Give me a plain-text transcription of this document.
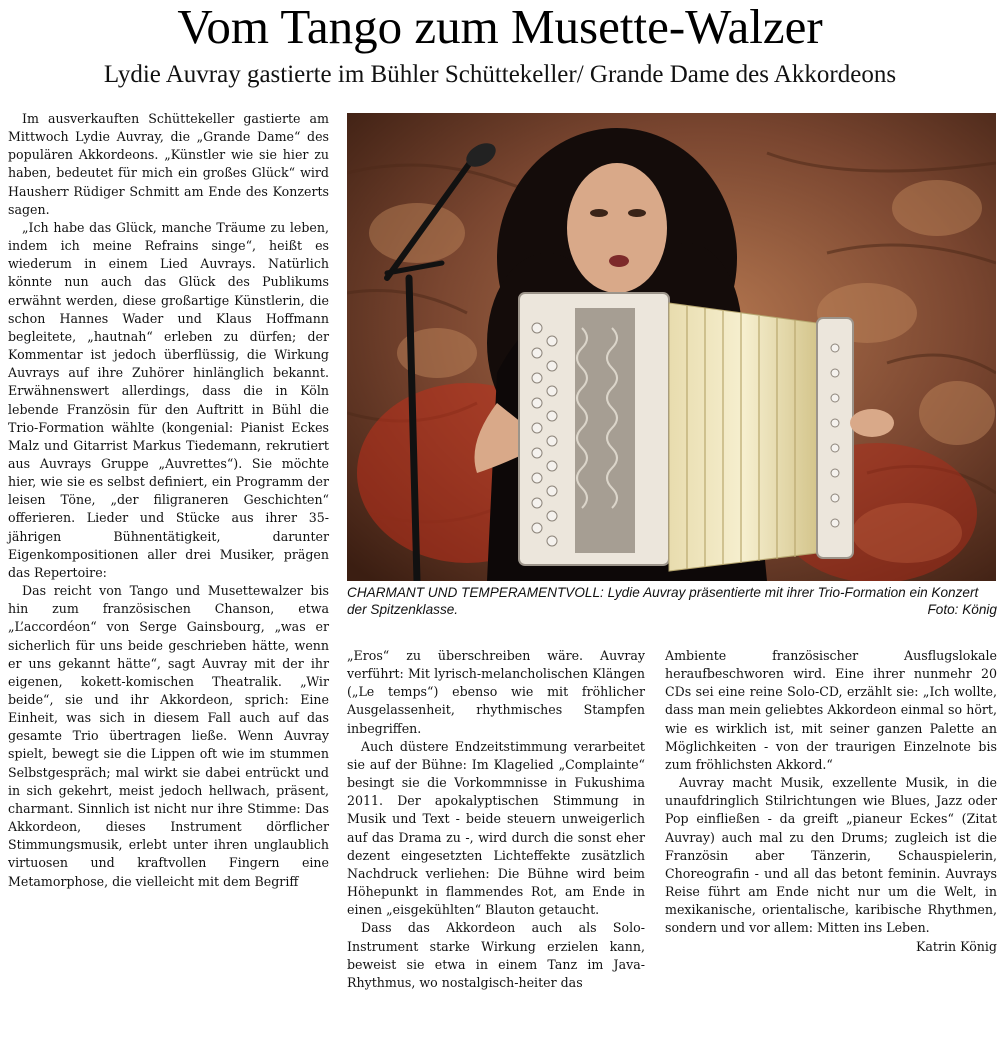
Vom Tango zum Musette-Walzer
Lydie Auvray gastierte im Bühler Schüttekeller/ Grande Dame des Akkordeons

Im ausverkauften Schüttekeller gastierte am Mittwoch Lydie Auvray, die „Grande Dame“ des populären Akkordeons. „Künstler wie sie hier zu haben, bedeutet für mich ein großes Glück“ wird Hausherr Rüdiger Schmitt am Ende des Konzerts sagen.

„Ich habe das Glück, manche Träume zu leben, indem ich meine Refrains singe“, heißt es wiederum in einem Lied Auvrays. Natürlich könnte nun auch das Glück des Publikums erwähnt werden, diese großartige Künstlerin, die schon Hannes Wader und Klaus Hoffmann begleitete, „hautnah“ erleben zu dürfen; der Kommentar ist jedoch überflüssig, die Wirkung Auvrays auf ihre Zuhörer hinlänglich bekannt. Erwähnenswert allerdings, dass die in Köln lebende Französin für den Auftritt in Bühl die Trio-Formation wählte (kongenial: Pianist Eckes Malz und Gitarrist Markus Tiedemann, rekrutiert aus Auvrays Gruppe „Auvrettes“). Sie möchte hier, wie sie es selbst definiert, ein Programm der leisen Töne, „der filigraneren Geschichten“ offerieren. Lieder und Stücke aus ihrer 35-jährigen Bühnentätigkeit, darunter Eigenkompositionen aller drei Musiker, prägen das Repertoire:

Das reicht von Tango und Musettewalzer bis hin zum französischen Chanson, etwa „L’accordéon“ von Serge Gainsbourg, „was er sicherlich für uns beide geschrieben hätte, wenn er uns gekannt hätte“, sagt Auvray mit der ihr eigenen, kokett-komischen Theatralik. „Wir beide“, sie und ihr Akkordeon, sprich: Eine Einheit, was sich in diesem Fall auch auf das gesamte Trio übertragen ließe. Wenn Auvray spielt, bewegt sie die Lippen oft wie im stummen Selbstgespräch; mal wirkt sie dabei entrückt und in sich gekehrt, meist jedoch hellwach, präsent, charmant. Sinnlich ist nicht nur ihre Stimme: Das Akkordeon, dieses Instrument dörflicher Stimmungsmusik, erlebt unter ihren unglaublich virtuosen und kraftvollen Fingern eine Metamorphose, die vielleicht mit dem Begriff

CHARMANT UND TEMPERAMENTVOLL: Lydie Auvray präsentierte mit ihrer Trio-Formation ein Konzert der Spitzenklasse.	Foto: König

„Eros“ zu überschreiben wäre. Auvray verführt: Mit lyrisch-melancholischen Klängen („Le temps“) ebenso wie mit fröhlicher Ausgelassenheit, rhythmisches Stampfen inbegriffen.

Auch düstere Endzeitstimmung verarbeitet sie auf der Bühne: Im Klagelied „Complainte“ besingt sie die Vorkommnisse in Fukushima 2011. Der apokalyptischen Stimmung in Musik und Text - beide steuern unweigerlich auf das Drama zu -, wird durch die sonst eher dezent eingesetzten Lichteffekte zusätzlich Nachdruck verliehen: Die Bühne wird beim Höhepunkt in flammendes Rot, am Ende in einen „eisgekühlten“ Blauton getaucht.

Dass das Akkordeon auch als Solo-Instrument starke Wirkung erzielen kann, beweist sie etwa in einem Tanz im Java-Rhythmus, wo nostalgisch-heiter das

Ambiente französischer Ausflugslokale heraufbeschworen wird. Eine ihrer nunmehr 20 CDs sei eine reine Solo-CD, erzählt sie: „Ich wollte, dass man mein geliebtes Akkordeon einmal so hört, wie es wirklich ist, mit seiner ganzen Palette an Möglichkeiten - von der traurigen Einzelnote bis zum fröhlichsten Akkord.“

Auvray macht Musik, exzellente Musik, in die unaufdringlich Stilrichtungen wie Blues, Jazz oder Pop einfließen - da greift „pianeur Eckes“ (Zitat Auvray) auch mal zu den Drums; zugleich ist die Französin aber Tänzerin, Schauspielerin, Choreografin - und all das betont feminin. Auvrays Reise führt am Ende nicht nur um die Welt, in mexikanische, orientalische, karibische Rhythmen, sondern und vor allem: Mitten ins Leben.

Katrin König
